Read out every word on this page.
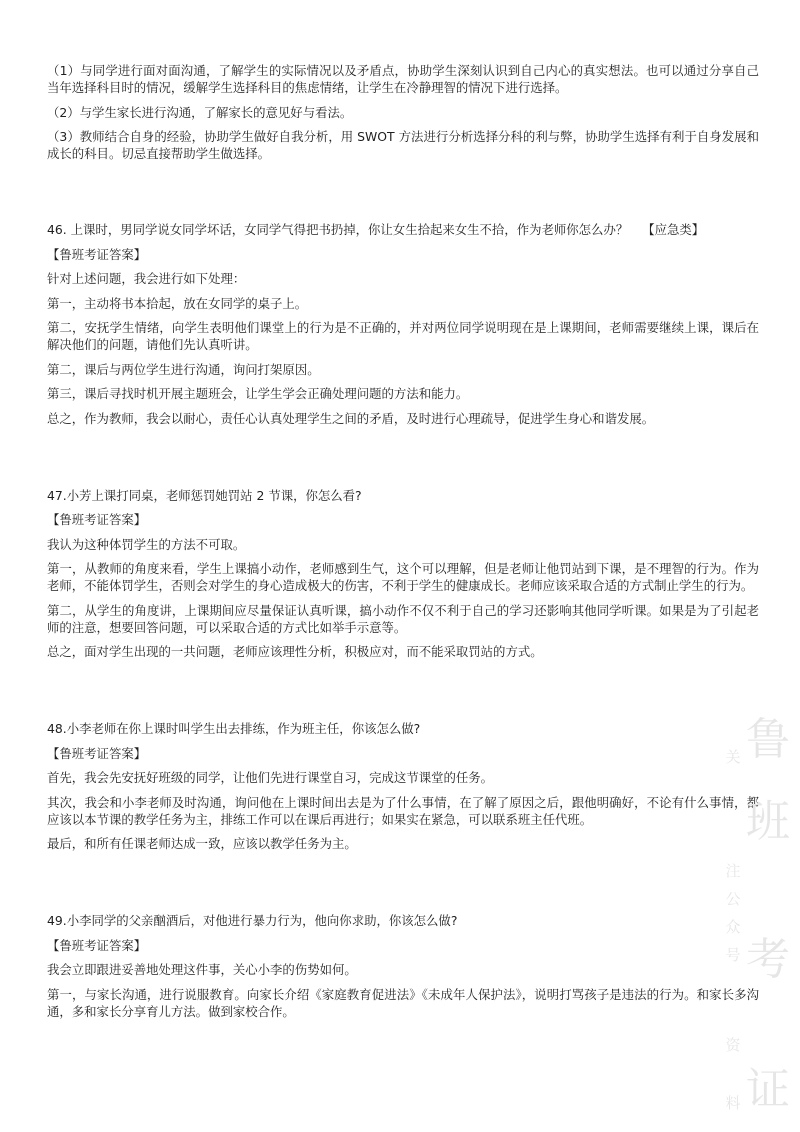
（1）与同学进行面对面沟通，了解学生的实际情况以及矛盾点，协助学生深刻认识到自己内心的真实想法。也可以通过分享自己当年选择科目时的情况，缓解学生选择科目的焦虑情绪，让学生在冷静理智的情况下进行选择。

（2）与学生家长进行沟通，了解家长的意见好与看法。

（3）教师结合自身的经验，协助学生做好自我分析，用 SWOT 方法进行分析选择分科的利与弊，协助学生选择有利于自身发展和成长的科目。切忌直接帮助学生做选择。

46. 上课时，男同学说女同学坏话，女同学气得把书扔掉，你让女生拾起来女生不拾，作为老师你怎么办？ 【应急类】

【鲁班考证答案】

针对上述问题，我会进行如下处理：

第一，主动将书本拾起，放在女同学的桌子上。

第二，安抚学生情绪，向学生表明他们课堂上的行为是不正确的，并对两位同学说明现在是上课期间，老师需要继续上课，课后在解决他们的问题，请他们先认真听讲。

第二，课后与两位学生进行沟通，询问打架原因。

第三，课后寻找时机开展主题班会，让学生学会正确处理问题的方法和能力。

总之，作为教师，我会以耐心，责任心认真处理学生之间的矛盾，及时进行心理疏导，促进学生身心和谐发展。

47.小芳上课打同桌，老师惩罚她罚站 2 节课，你怎么看?

【鲁班考证答案】

我认为这种体罚学生的方法不可取。

第一，从教师的角度来看，学生上课搞小动作，老师感到生气，这个可以理解，但是老师让他罚站到下课，是不理智的行为。作为老师，不能体罚学生，否则会对学生的身心造成极大的伤害，不利于学生的健康成长。老师应该采取合适的方式制止学生的行为。

第二，从学生的角度讲，上课期间应尽量保证认真听课，搞小动作不仅不利于自己的学习还影响其他同学听课。如果是为了引起老师的注意，想要回答问题，可以采取合适的方式比如举手示意等。

总之，面对学生出现的一共问题，老师应该理性分析，积极应对，而不能采取罚站的方式。

48.小李老师在你上课时叫学生出去排练，作为班主任，你该怎么做?

【鲁班考证答案】

首先，我会先安抚好班级的同学，让他们先进行课堂自习，完成这节课堂的任务。

其次，我会和小李老师及时沟通，询问他在上课时间出去是为了什么事情，在了解了原因之后，跟他明确好，不论有什么事情，都应该以本节课的教学任务为主，排练工作可以在课后再进行；如果实在紧急，可以联系班主任代班。

最后，和所有任课老师达成一致，应该以教学任务为主。

49.小李同学的父亲酗酒后，对他进行暴力行为，他向你求助，你该怎么做?

【鲁班考证答案】

我会立即跟进妥善地处理这件事，关心小李的伤势如何。

第一，与家长沟通，进行说服教育。向家长介绍《家庭教育促进法》《未成年人保护法》，说明打骂孩子是违法的行为。和家长多沟通，多和家长分享育儿方法。做到家校合作。

鲁
班
考
证
关
注
公
众
号
资
料
